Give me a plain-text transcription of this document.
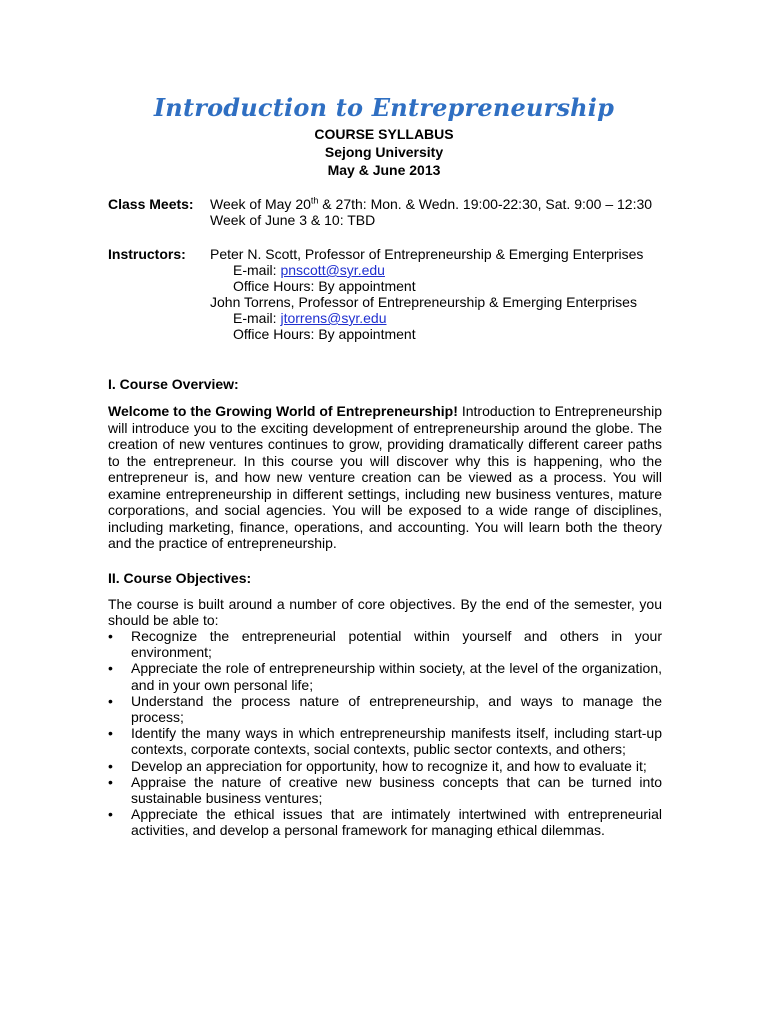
Introduction to Entrepreneurship
COURSE SYLLABUS
Sejong University
May & June 2013
Class Meets: Week of May 20th & 27th: Mon. & Wedn. 19:00-22:30, Sat. 9:00 – 12:30
Week of June 3 & 10: TBD
Instructors: Peter N. Scott, Professor of Entrepreneurship & Emerging Enterprises
E-mail: pnscott@syr.edu
Office Hours: By appointment
John Torrens, Professor of Entrepreneurship & Emerging Enterprises
E-mail: jtorrens@syr.edu
Office Hours: By appointment
I. Course Overview:
Welcome to the Growing World of Entrepreneurship! Introduction to Entrepreneurship will introduce you to the exciting development of entrepreneurship around the globe. The creation of new ventures continues to grow, providing dramatically different career paths to the entrepreneur. In this course you will discover why this is happening, who the entrepreneur is, and how new venture creation can be viewed as a process. You will examine entrepreneurship in different settings, including new business ventures, mature corporations, and social agencies. You will be exposed to a wide range of disciplines, including marketing, finance, operations, and accounting. You will learn both the theory and the practice of entrepreneurship.
II. Course Objectives:
The course is built around a number of core objectives. By the end of the semester, you should be able to:
•	Recognize the entrepreneurial potential within yourself and others in your environment;
•	Appreciate the role of entrepreneurship within society, at the level of the organization, and in your own personal life;
•	Understand the process nature of entrepreneurship, and ways to manage the process;
•	Identify the many ways in which entrepreneurship manifests itself, including start-up contexts, corporate contexts, social contexts, public sector contexts, and others;
•	Develop an appreciation for opportunity, how to recognize it, and how to evaluate it;
•	Appraise the nature of creative new business concepts that can be turned into sustainable business ventures;
•	Appreciate the ethical issues that are intimately intertwined with entrepreneurial activities, and develop a personal framework for managing ethical dilemmas.
